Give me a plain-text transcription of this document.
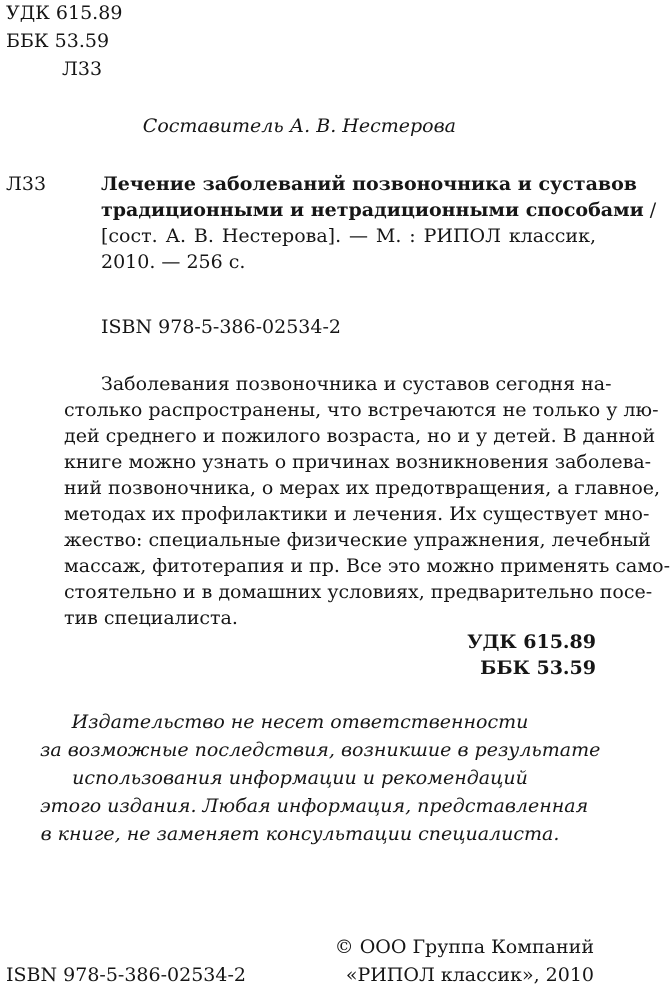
УДК 615.89
ББК 53.59
Л33
Составитель А. В. Нестерова
Л33	Лечение заболеваний позвоночника и суставов
традиционными и нетрадиционными способами /
[сост. А. В. Нестерова]. — М. : РИПОЛ классик,
2010. — 256 с.
ISBN 978-5-386-02534-2
Заболевания позвоночника и суставов сегодня на-
столько распространены, что встречаются не только у лю-
дей среднего и пожилого возраста, но и у детей. В данной
книге можно узнать о причинах возникновения заболева-
ний позвоночника, о мерах их предотвращения, а главное,
методах их профилактики и лечения. Их существует мно-
жество: специальные физические упражнения, лечебный
массаж, фитотерапия и пр. Все это можно применять само-
стоятельно и в домашних условиях, предварительно посе-
тив специалиста.
УДК 615.89
ББК 53.59
Издательство не несет ответственности
за возможные последствия, возникшие в результате
использования информации и рекомендаций
этого издания. Любая информация, представленная
в книге, не заменяет консультации специалиста.
ISBN 978-5-386-02534-2
© ООО Группа Компаний
«РИПОЛ классик», 2010
